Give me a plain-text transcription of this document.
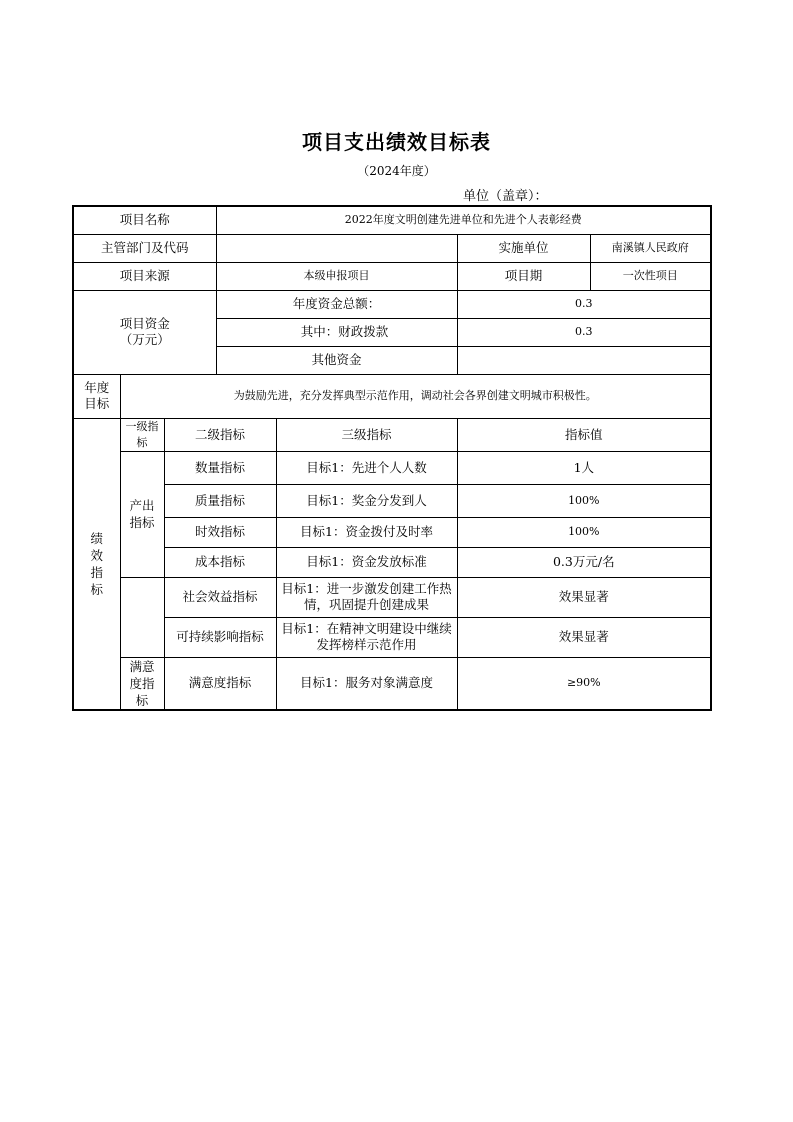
项目支出绩效目标表
（2024年度）
单位（盖章）：
项目名称			2022年度文明创建先进单位和先进个人表彰经费			
主管部门及代码					实施单位	南溪镇人民政府
项目来源			本级申报项目		项目期	一次性项目

项目资金
（万元）			年度资金总额：		0.3	
			其中：财政拨款		0.3	
			其他资金			

年度
目标	为鼓励先进，充分发挥典型示范作用，调动社会各界创建文明城市积极性。					
绩效指标	一级指标	二级指标		三级指标	指标值	
	产出指标	数量指标		目标1：先进个人人数	1人	
		质量指标		目标1：奖金分发到人	100%	
		时效指标		目标1：资金拨付及时率	100%	
		成本指标		目标1：资金发放标准	0.3万元/名	
		社会效益指标		目标1：进一步激发创建工作热情，巩固提升创建成果	效果显著	
		可持续影响指标		目标1：在精神文明建设中继续发挥榜样示范作用	效果显著	
	满意度指标	满意度指标		目标1：服务对象满意度	≥90%	
